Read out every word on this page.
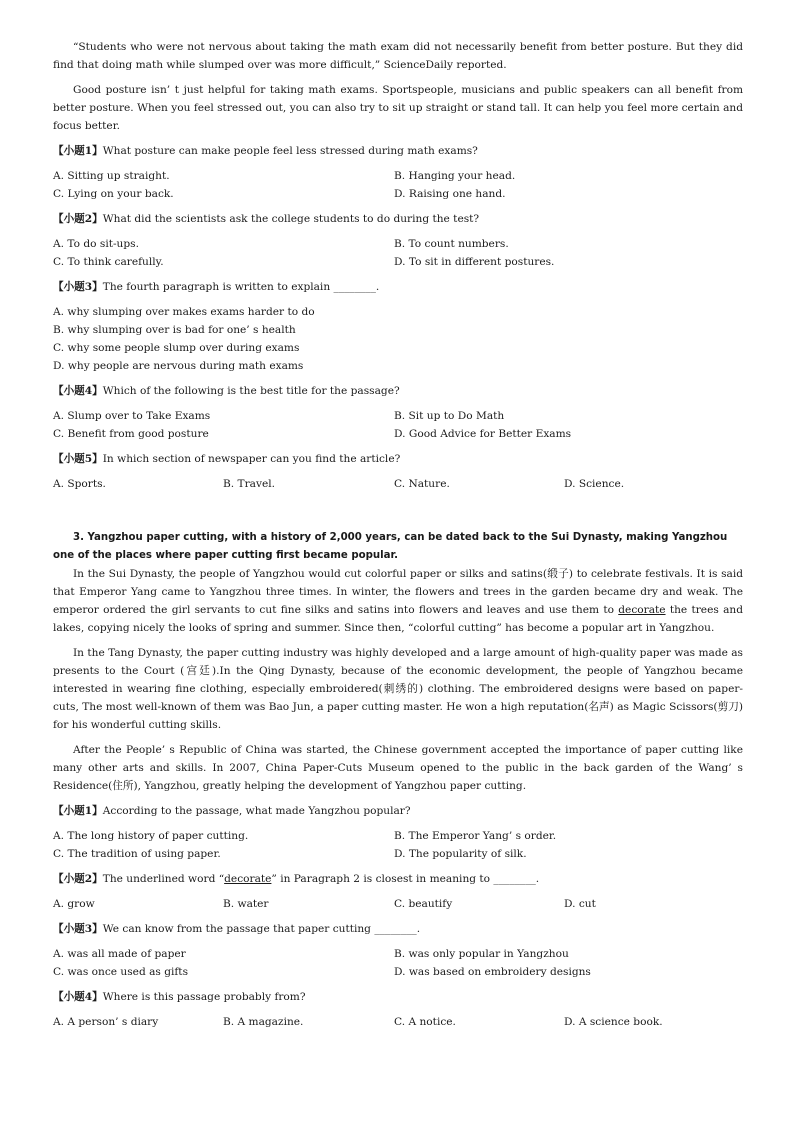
“Students who were not nervous about taking the math exam did not necessarily benefit from better posture. But they did find that doing math while slumped over was more difficult,” ScienceDaily reported.

Good posture isn’ t just helpful for taking math exams. Sportspeople, musicians and public speakers can all benefit from better posture. When you feel stressed out, you can also try to sit up straight or stand tall. It can help you feel more certain and focus better.

【小题1】What posture can make people feel less stressed during math exams?

A. Sitting up straight.	B. Hanging your head.
C. Lying on your back.	D. Raising one hand.

【小题2】What did the scientists ask the college students to do during the test?

A. To do sit-ups.	B. To count numbers.
C. To think carefully.	D. To sit in different postures.

【小题3】The fourth paragraph is written to explain ________.

A. why slumping over makes exams harder to do
B. why slumping over is bad for one’ s health
C. why some people slump over during exams
D. why people are nervous during math exams

【小题4】Which of the following is the best title for the passage?

A. Slump over to Take Exams	B. Sit up to Do Math
C. Benefit from good posture	D. Good Advice for Better Exams

【小题5】In which section of newspaper can you find the article?

A. Sports.	B. Travel.	C. Nature.	D. Science.
3. Yangzhou paper cutting, with a history of 2,000 years, can be dated back to the Sui Dynasty, making Yangzhou one of the places where paper cutting first became popular.

In the Sui Dynasty, the people of Yangzhou would cut colorful paper or silks and satins(缎子) to celebrate festivals. It is said that Emperor Yang came to Yangzhou three times. In winter, the flowers and trees in the garden became dry and weak. The emperor ordered the girl servants to cut fine silks and satins into flowers and leaves and use them to decorate the trees and lakes, copying nicely the looks of spring and summer. Since then, “colorful cutting” has become a popular art in Yangzhou.

In the Tang Dynasty, the paper cutting industry was highly developed and a large amount of high-quality paper was made as presents to the Court (宫廷).In the Qing Dynasty, because of the economic development, the people of Yangzhou became interested in wearing fine clothing, especially embroidered(刺绣的) clothing. The embroidered designs were based on paper-cuts, The most well-known of them was Bao Jun, a paper cutting master. He won a high reputation(名声) as Magic Scissors(剪刀) for his wonderful cutting skills.

After the People’ s Republic of China was started, the Chinese government accepted the importance of paper cutting like many other arts and skills. In 2007, China Paper-Cuts Museum opened to the public in the back garden of the Wang’ s Residence(住所), Yangzhou, greatly helping the development of Yangzhou paper cutting.

【小题1】According to the passage, what made Yangzhou popular?

A. The long history of paper cutting.	B. The Emperor Yang’ s order.
C. The tradition of using paper.	D. The popularity of silk.

【小题2】The underlined word “decorate” in Paragraph 2 is closest in meaning to ________.

A. grow	B. water	C. beautify	D. cut

【小题3】We can know from the passage that paper cutting ________.

A. was all made of paper	B. was only popular in Yangzhou
C. was once used as gifts	D. was based on embroidery designs

【小题4】Where is this passage probably from?

A. A person’ s diary	B. A magazine.	C. A notice.	D. A science book.
